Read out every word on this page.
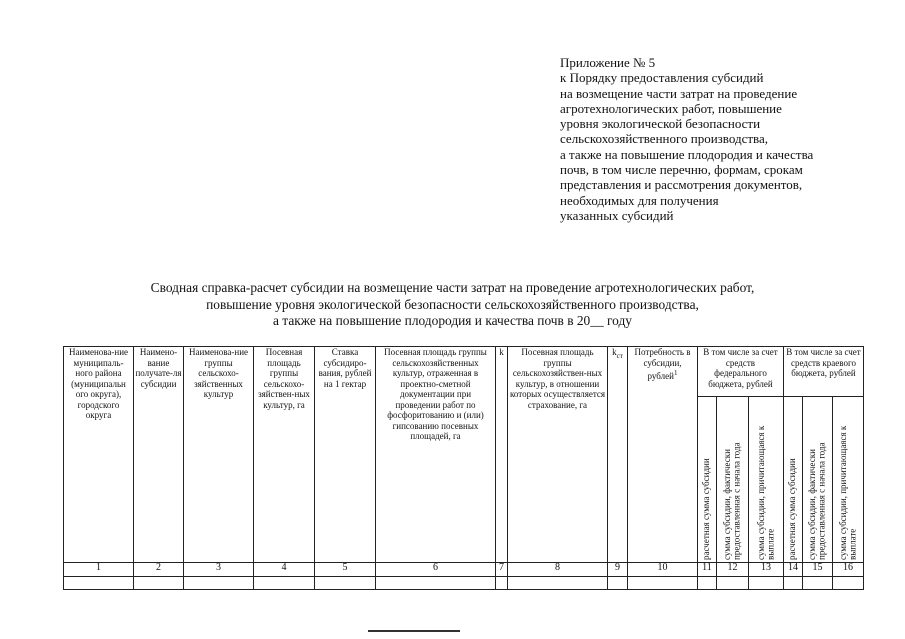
Приложение № 5
к Порядку предоставления субсидий
на возмещение части затрат на проведение
агротехнологических работ, повышение
уровня экологической безопасности
сельскохозяйственного производства,
а также на повышение плодородия и качества
почв, в том числе перечню, формам, срокам
представления и рассмотрения документов,
необходимых для получения
указанных субсидий
Сводная справка-расчет субсидии на возмещение части затрат на проведение агротехнологических работ,
повышение уровня экологической безопасности сельскохозяйственного производства,
а также на повышение плодородия и качества почв в 20__ году
Наименова-ние муниципаль-ного района (муниципальн ого округа), городского округа	Наимено-вание получате-ля субсидии	Наименова-ние группы сельскохо-зяйственных культур	Посевная площадь группы сельскохо-зяйствен-ных культур, га	Ставка субсидиро-вания, рублей на 1 гектар	Посевная площадь группы сельскохозяйственных культур, отраженная в проектно-сметной документации при проведении работ по фосфоритованию и (или) гипсованию посевных площадей, га	k	Посевная площадь группы сельскохозяйствен-ных культур, в отношении которых осуществляется страхование, га	$k_{ст}$	Потребность в субсидии, рублей$^1$	В том числе за счет средств федерального бюджета, рублей			В том числе за счет средств краевого бюджета, рублей		

										расчетная сумма субсидии	сумма субсидии, фактически предоставленная с начала года	сумма субсидии, причитающаяся к выплате	расчетная сумма субсидии	сумма субсидии, фактически предоставленная с начала года	сумма субсидии, причитающаяся к выплате

1	2	3	4	5	6	7	8	9	10	11	12	13	14	15	16
